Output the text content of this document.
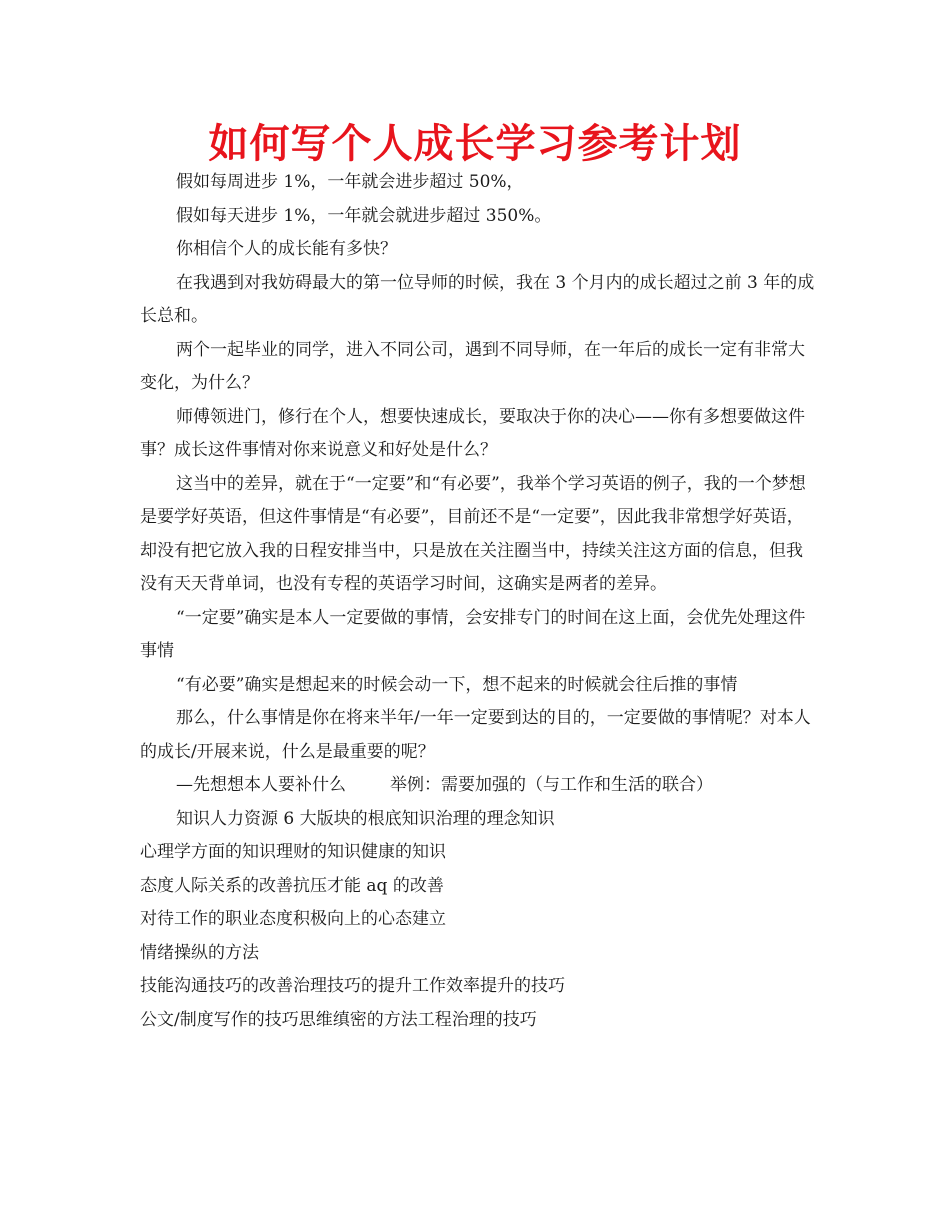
如何写个人成长学习参考计划

假如每周进步 1%，一年就会进步超过 50%，

假如每天进步 1%，一年就会就进步超过 350%。

你相信个人的成长能有多快？

在我遇到对我妨碍最大的第一位导师的时候，我在 3 个月内的成长超过之前 3 年的成长总和。

两个一起毕业的同学，进入不同公司，遇到不同导师，在一年后的成长一定有非常大变化，为什么？

师傅领进门，修行在个人，想要快速成长，要取决于你的决心——你有多想要做这件事？成长这件事情对你来说意义和好处是什么？

这当中的差异，就在于“一定要”和“有必要”，我举个学习英语的例子，我的一个梦想是要学好英语，但这件事情是“有必要”，目前还不是“一定要”，因此我非常想学好英语，却没有把它放入我的日程安排当中，只是放在关注圈当中，持续关注这方面的信息，但我没有天天背单词，也没有专程的英语学习时间，这确实是两者的差异。

“一定要”确实是本人一定要做的事情，会安排专门的时间在这上面，会优先处理这件事情

“有必要”确实是想起来的时候会动一下，想不起来的时候就会往后推的事情

那么，什么事情是你在将来半年/一年一定要到达的目的，一定要做的事情呢？对本人的成长/开展来说，什么是最重要的呢？

—先想想本人要补什么	举例：需要加强的（与工作和生活的联合）

知识人力资源 6 大版块的根底知识治理的理念知识

心理学方面的知识理财的知识健康的知识

态度人际关系的改善抗压才能 aq 的改善

对待工作的职业态度积极向上的心态建立

情绪操纵的方法

技能沟通技巧的改善治理技巧的提升工作效率提升的技巧

公文/制度写作的技巧思维缜密的方法工程治理的技巧
